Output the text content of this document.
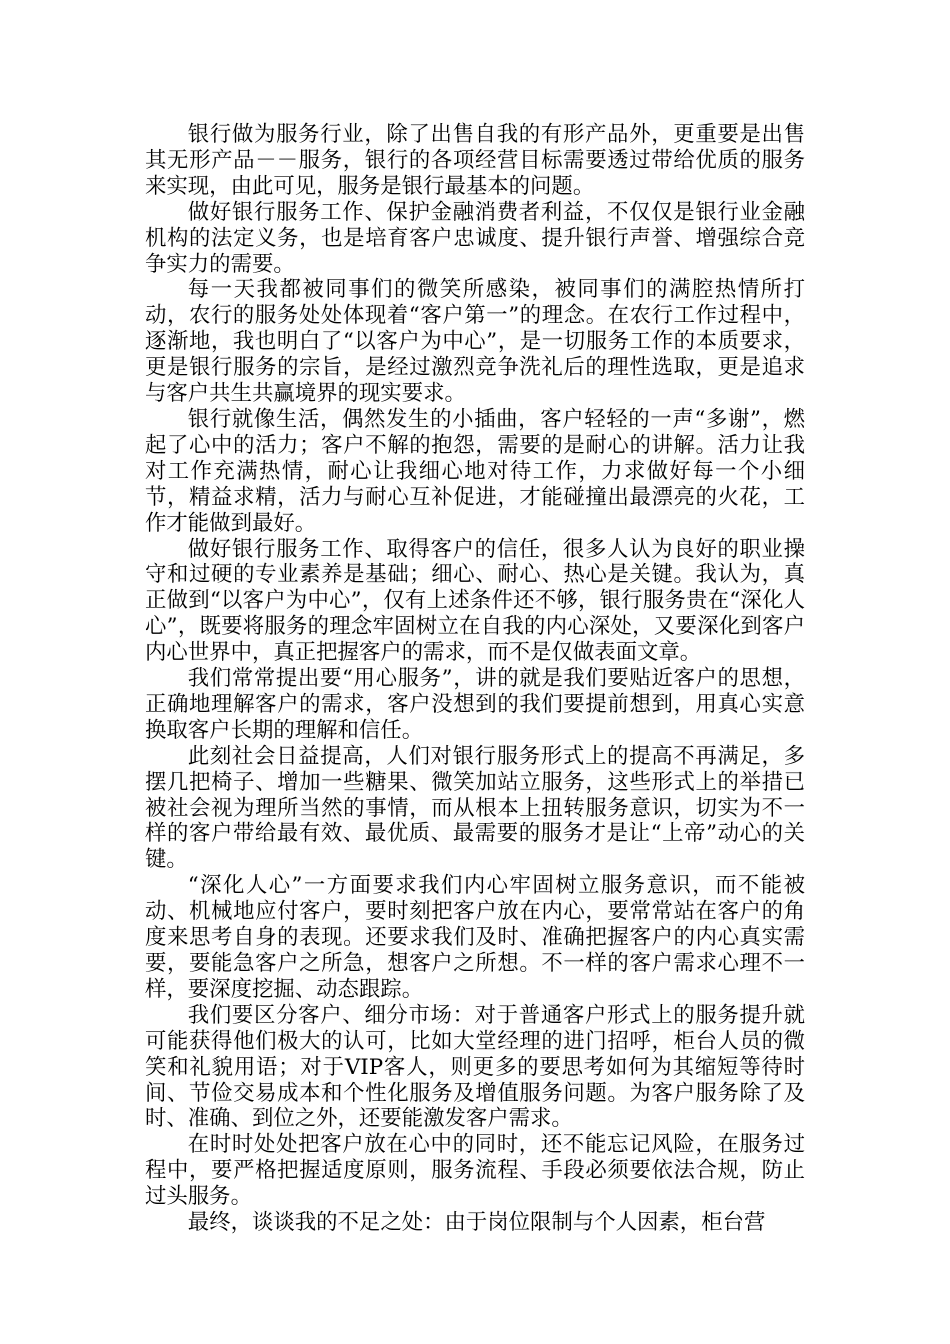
银行做为服务行业，除了出售自我的有形产品外，更重要是出售其无形产品－－服务，银行的各项经营目标需要透过带给优质的服务来实现，由此可见，服务是银行最基本的问题。

做好银行服务工作、保护金融消费者利益，不仅仅是银行业金融机构的法定义务，也是培育客户忠诚度、提升银行声誉、增强综合竞争实力的需要。

每一天我都被同事们的微笑所感染，被同事们的满腔热情所打动，农行的服务处处体现着“客户第一”的理念。在农行工作过程中，逐渐地，我也明白了“以客户为中心”，是一切服务工作的本质要求，更是银行服务的宗旨，是经过激烈竞争洗礼后的理性选取，更是追求与客户共生共赢境界的现实要求。

银行就像生活，偶然发生的小插曲，客户轻轻的一声“多谢”，燃起了心中的活力；客户不解的抱怨，需要的是耐心的讲解。活力让我对工作充满热情，耐心让我细心地对待工作，力求做好每一个小细节，精益求精，活力与耐心互补促进，才能碰撞出最漂亮的火花，工作才能做到最好。

做好银行服务工作、取得客户的信任，很多人认为良好的职业操守和过硬的专业素养是基础；细心、耐心、热心是关键。我认为，真正做到“以客户为中心”，仅有上述条件还不够，银行服务贵在“深化人心”，既要将服务的理念牢固树立在自我的内心深处，又要深化到客户内心世界中，真正把握客户的需求，而不是仅做表面文章。

我们常常提出要“用心服务”，讲的就是我们要贴近客户的思想，正确地理解客户的需求，客户没想到的我们要提前想到，用真心实意换取客户长期的理解和信任。

此刻社会日益提高，人们对银行服务形式上的提高不再满足，多摆几把椅子、增加一些糖果、微笑加站立服务，这些形式上的举措已被社会视为理所当然的事情，而从根本上扭转服务意识，切实为不一样的客户带给最有效、最优质、最需要的服务才是让“上帝”动心的关键。

“深化人心”一方面要求我们内心牢固树立服务意识，而不能被动、机械地应付客户，要时刻把客户放在内心，要常常站在客户的角度来思考自身的表现。还要求我们及时、准确把握客户的内心真实需要，要能急客户之所急，想客户之所想。不一样的客户需求心理不一样，要深度挖掘、动态跟踪。

我们要区分客户、细分市场：对于普通客户形式上的服务提升就可能获得他们极大的认可，比如大堂经理的进门招呼，柜台人员的微笑和礼貌用语；对于VIP客人，则更多的要思考如何为其缩短等待时间、节俭交易成本和个性化服务及增值服务问题。为客户服务除了及时、准确、到位之外，还要能激发客户需求。

在时时处处把客户放在心中的同时，还不能忘记风险，在服务过程中，要严格把握适度原则，服务流程、手段必须要依法合规，防止过头服务。

最终，谈谈我的不足之处：由于岗位限制与个人因素，柜台营
